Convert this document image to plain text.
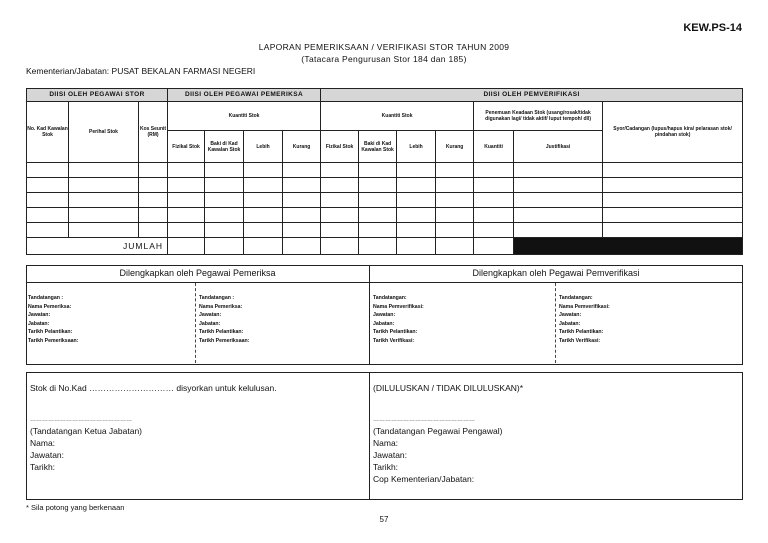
KEW.PS-14
LAPORAN PEMERIKSAAN / VERIFIKASI STOR TAHUN 2009
(Tatacara Pengurusan Stor 184 dan 185)
Kementerian/Jabatan: PUSAT BEKALAN FARMASI NEGERI
DIISI OLEH PEGAWAI STOR			DIISI OLEH PEGAWAI PEMERIKSA				DIISI OLEH PEMVERIFIKASI						
No. Kad Kawalan Stok	Perihal Stok	Kos Seunit (RM)	Kuantiti Stok				Kuantiti Stok				Penemuan Keadaan Stok (usang/rosak/tidak digunakan lagi/ tidak aktif/ luput tempoh/ dll)		Syor/Cadangan (lupus/hapus kira/ pelarasan stok/ pindahan stok)
			Fizikal Stok	Baki di Kad Kawalan Stok	Lebih	Kurang	Fizikal Stok	Baki di Kad Kawalan Stok	Lebih	Kurang	Kuantiti	Justifikasi	

JUMLAH													
Dilengkapkan oleh Pegawai Pemeriksa	Dilengkapkan oleh Pegawai Pemverifikasi
Tandatangan :
Nama Pemeriksa:
Jawatan:
Jabatan:
Tarikh Pelantikan:
Tarikh Pemeriksaan:
Tandatangan :
Nama Pemeriksa:
Jawatan:
Jabatan:
Tarikh Pelantikan:
Tarikh Pemeriksaan:
Tandatangan:
Nama Pemverifikasi:
Jawatan:
Jabatan:
Tarikh Pelantikan:
Tarikh Verifikasi:
Tandatangan:
Nama Pemverifikasi:
Jawatan:
Jabatan:
Tarikh Pelantikan:
Tarikh Verifikasi:
Stok di No.Kad ………………………… disyorkan untuk kelulusan.
……………………………………………
(Tandatangan Ketua Jabatan)
Nama:
Jawatan:
Tarikh:
(DILULUSKAN / TIDAK DILULUSKAN)*
……………………………………………
(Tandatangan Pegawai Pengawal)
Nama:
Jawatan:
Tarikh:
Cop Kementerian/Jabatan:
* Sila potong yang berkenaan
57
